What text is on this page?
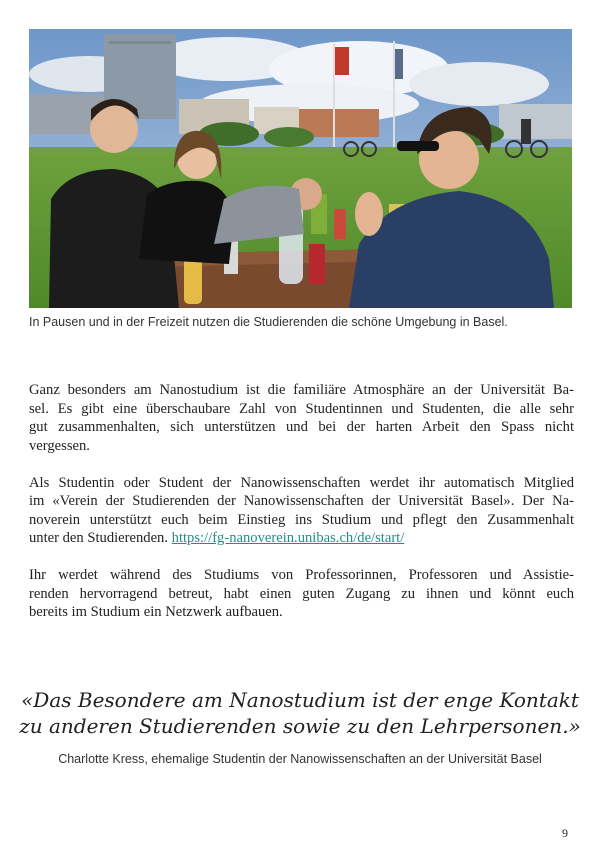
In Pausen und in der Freizeit nutzen die Studierenden die schöne Umgebung in Basel.

Ganz besonders am Nanostudium ist die familiäre Atmosphäre an der Universität Ba-
sel. Es gibt eine überschaubare Zahl von Studentinnen und Studenten, die alle sehr
gut zusammenhalten, sich unterstützen und bei der harten Arbeit den Spass nicht
vergessen.

Als Studentin oder Student der Nanowissenschaften werdet ihr automatisch Mitglied
im «Verein der Studierenden der Nanowissenschaften der Universität Basel». Der Na-
noverein unterstützt euch beim Einstieg ins Studium und pflegt den Zusammenhalt
unter den Studierenden. https://fg-nanoverein.unibas.ch/de/start/

Ihr werdet während des Studiums von Professorinnen, Professoren und Assistie-
renden hervorragend betreut, habt einen guten Zugang zu ihnen und könnt euch
bereits im Studium ein Netzwerk aufbauen.

«Das Besondere am Nanostudium ist der enge Kontakt
zu anderen Studierenden sowie zu den Lehrpersonen.»
Charlotte Kress, ehemalige Studentin der Nanowissenschaften an der Universität Basel
9
